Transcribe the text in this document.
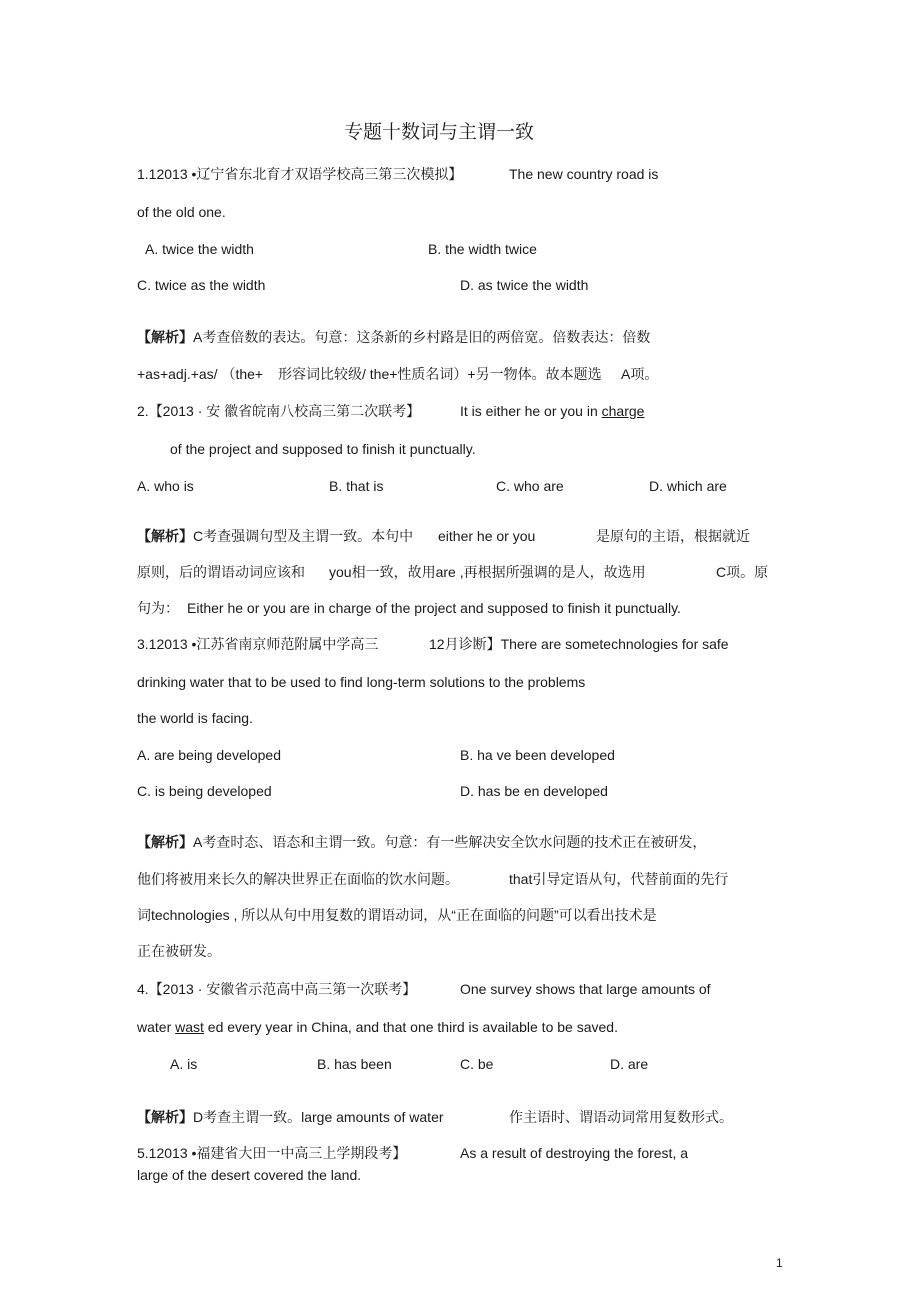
专题十数词与主谓一致
1.12013 •辽宁省东北育才双语学校高三第三次模拟】	The new country road is
of the old one.
A. twice the width	B. the width twice
C. twice as the width	D. as twice the width
【解析】A考查倍数的表达。句意：这条新的乡村路是旧的两倍宽。倍数表达：倍数
+as+adj.+as/ （the+ 形容词比较级/ the+性质名词）+另一物体。故本题选 A项。
2.【2013 · 安 徽省皖南八校高三第二次联考】	It is either he or you in charge
of the project and supposed to finish it punctually.
A. who is	B. that is	C. who are	D. which are
【解析】C考查强调句型及主谓一致。本句中 either he or you	是原句的主语，根据就近
原则，后的谓语动词应该和 you相一致，故用are ,再根据所强调的是人，故选用	C项。原
句为： Either he or you are in charge of the project and supposed to finish it punctually.
3.12013 •江苏省南京师范附属中学高三	12月诊断】There are sometechnologies for safe
drinking water that to be used to find long-term solutions to the problems
the world is facing.
A. are being developed	B. ha ve been developed
C. is being developed	D. has be en developed
【解析】A考查时态、语态和主谓一致。句意：有一些解决安全饮水问题的技术正在被研发，
他们将被用来长久的解决世界正在面临的饮水问题。	that引导定语从句，代替前面的先行
词technologies , 所以从句中用复数的谓语动词，从“正在面临的问题”可以看出技术是
正在被研发。
4.【2013 · 安徽省示范高中高三第一次联考】	One survey shows that large amounts of
water wast ed every year in China, and that one third is available to be saved.
A. is	B. has been	C. be	D. are
【解析】D考查主谓一致。large amounts of water	作主语时、谓语动词常用复数形式。
5.12013 •福建省大田一中高三上学期段考】	As a result of destroying the forest, a
large of the desert covered the land.
1
